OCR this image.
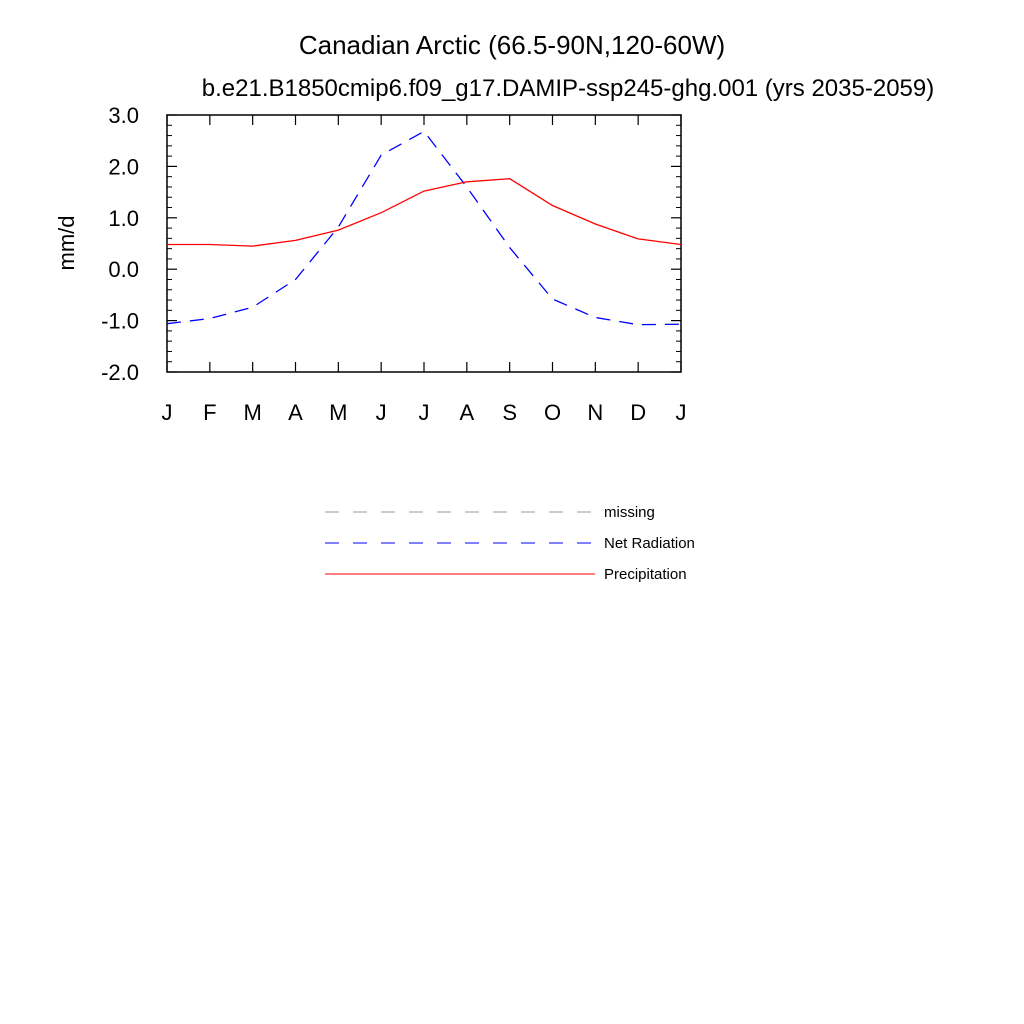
Canadian Arctic (66.5-90N,120-60W)
b.e21.B1850cmip6.f09_g17.DAMIP-ssp245-ghg.001 (yrs 2035-2059)
mm/d
-2.0
-1.0
0.0
1.0
2.0
3.0
J F M A M J J A S O N D J
missing
Net Radiation
Precipitation
